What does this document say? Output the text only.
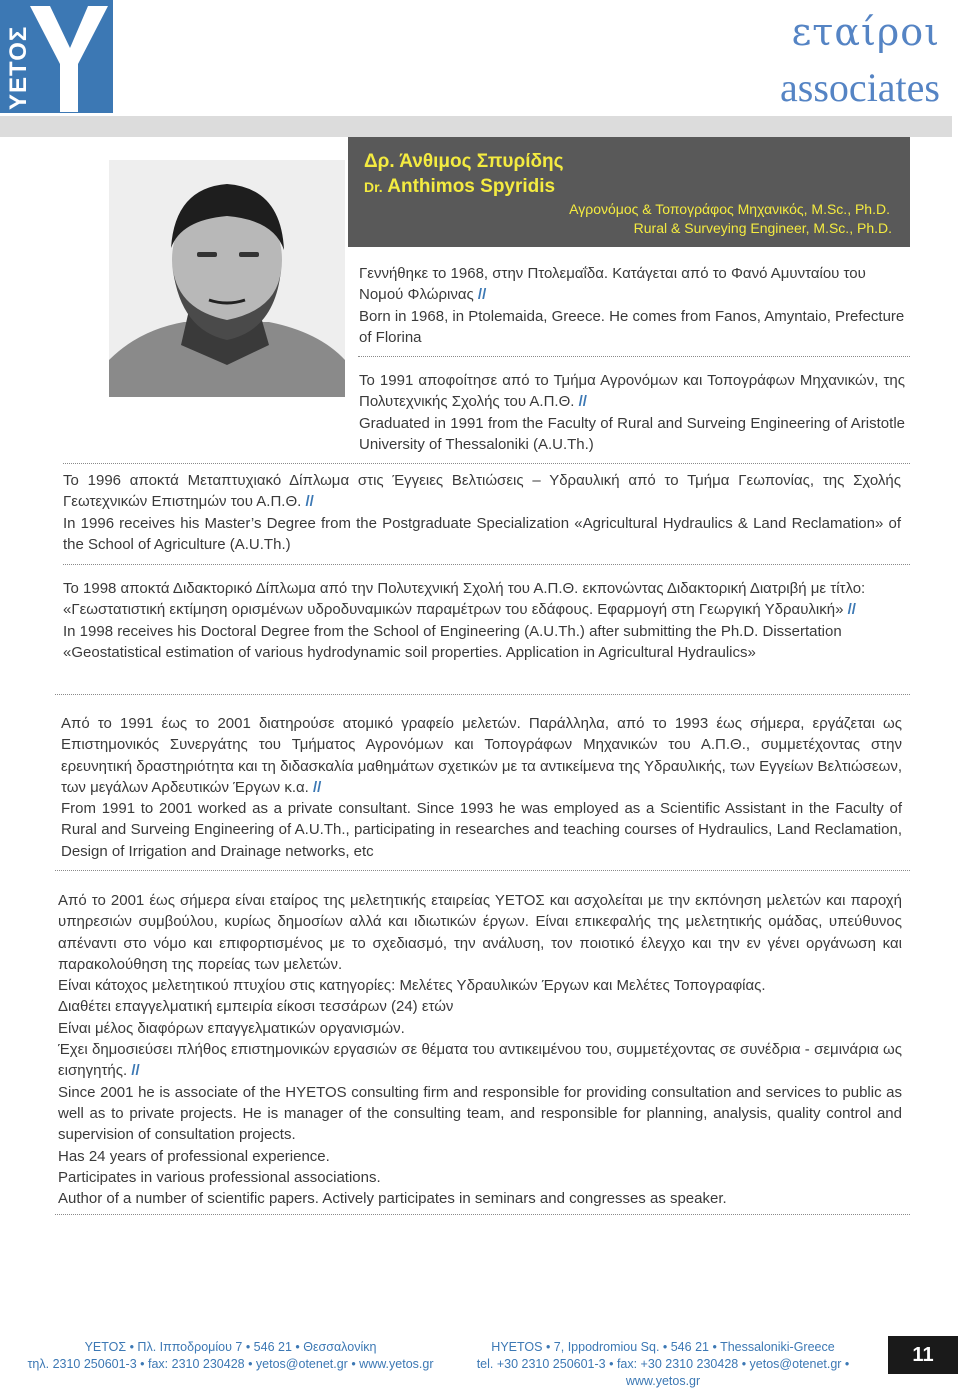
ΥΕΤΟΣ	εταίροι
associates
Δρ. Άνθιμος Σπυρίδης
Dr. Anthimos Spyridis
Αγρονόμος & Τοπογράφος Μηχανικός, M.Sc., Ph.D.
Rural & Surveying Engineer, M.Sc., Ph.D.
Γεννήθηκε το 1968, στην Πτολεμαΐδα. Κατάγεται από το Φανό Αμυνταίου του Νομού Φλώρινας //
Born in 1968, in Ptolemaida, Greece. He comes from Fanos, Amyntaio, Prefecture of Florina
Το 1991 αποφοίτησε από το Τμήμα Αγρονόμων και Τοπογράφων Μηχανικών, της Πολυτεχνικής Σχολής του Α.Π.Θ. //
Graduated in 1991 from the Faculty of Rural and Surveing Engineering of Aristotle University of Thessaloniki (A.U.Th.)
Το 1996 αποκτά Μεταπτυχιακό Δίπλωμα στις Έγγειες Βελτιώσεις – Υδραυλική από το Τμήμα Γεωπονίας, της Σχολής Γεωτεχνικών Επιστημών του Α.Π.Θ. //
In 1996 receives his Master’s Degree from the Postgraduate Specialization «Agricultural Hydraulics & Land Reclamation» of the School of Agriculture (A.U.Th.)
Το 1998 αποκτά Διδακτορικό Δίπλωμα από την Πολυτεχνική Σχολή του Α.Π.Θ. εκπονώντας Διδακτορική Διατριβή με τίτλο: «Γεωστατιστική εκτίμηση ορισμένων υδροδυναμικών παραμέτρων του εδάφους. Εφαρμογή στη Γεωργική Υδραυλική» //
In 1998 receives his Doctoral Degree from the School of Engineering (A.U.Th.) after submitting the Ph.D. Dissertation
«Geostatistical estimation of various hydrodynamic soil properties. Application in Agricultural Hydraulics»
Από το 1991 έως το 2001 διατηρούσε ατομικό γραφείο μελετών. Παράλληλα, από το 1993 έως σήμερα, εργάζεται ως Επιστημονικός Συνεργάτης του Τμήματος Αγρονόμων και Τοπογράφων Μηχανικών του Α.Π.Θ., συμμετέχοντας στην ερευνητική δραστηριότητα και τη διδασκαλία μαθημάτων σχετικών με τα αντικείμενα της Υδραυλικής, των Εγγείων Βελτιώσεων, των μεγάλων Αρδευτικών Έργων κ.α. //
From 1991 to 2001 worked as a private consultant. Since 1993 he was employed as a Scientific Assistant in the Faculty of Rural and Surveing Engineering of A.U.Th., participating in researches and teaching courses of Hydraulics, Land Reclamation, Design of Irrigation and Drainage networks, etc
Από το 2001 έως σήμερα είναι εταίρος της μελετητικής εταιρείας ΥΕΤΟΣ και ασχολείται με την εκπόνηση μελετών και παροχή υπηρεσιών συμβούλου, κυρίως δημοσίων αλλά και ιδιωτικών έργων. Είναι επικεφαλής της μελετητικής ομάδας, υπεύθυνος απέναντι στο νόμο και επιφορτισμένος με το σχεδιασμό, την ανάλυση, τον ποιοτικό έλεγχο και την εν γένει οργάνωση και παρακολούθηση της πορείας των μελετών.
Είναι κάτοχος μελετητικού πτυχίου στις κατηγορίες: Μελέτες Υδραυλικών Έργων και Μελέτες Τοπογραφίας.
Διαθέτει επαγγελματική εμπειρία είκοσι τεσσάρων (24) ετών
Είναι μέλος διαφόρων επαγγελματικών οργανισμών.
Έχει δημοσιεύσει πλήθος επιστημονικών εργασιών σε θέματα του αντικειμένου του, συμμετέχοντας σε συνέδρια - σεμινάρια ως εισηγητής. //
Since 2001 he is associate of the HYETOS consulting firm and responsible for providing consultation and services to public as well as to private projects. He is manager of the consulting team, and responsible for planning, analysis, quality control and supervision of consultation projects.
Has 24 years of professional experience.
Participates in various professional associations.
Author of a number of scientific papers. Actively participates in seminars and congresses as speaker.
ΥΕΤΟΣ • Πλ. Ιπποδρομίου 7 • 546 21 • Θεσσαλονίκη
τηλ. 2310 250601-3 • fax: 2310 230428 • yetos@otenet.gr • www.yetos.gr
HYETOS • 7, Ippodromiou Sq. • 546 21 • Thessaloniki-Greece
tel. +30 2310 250601-3 • fax: +30 2310 230428 • yetos@otenet.gr • www.yetos.gr
11
